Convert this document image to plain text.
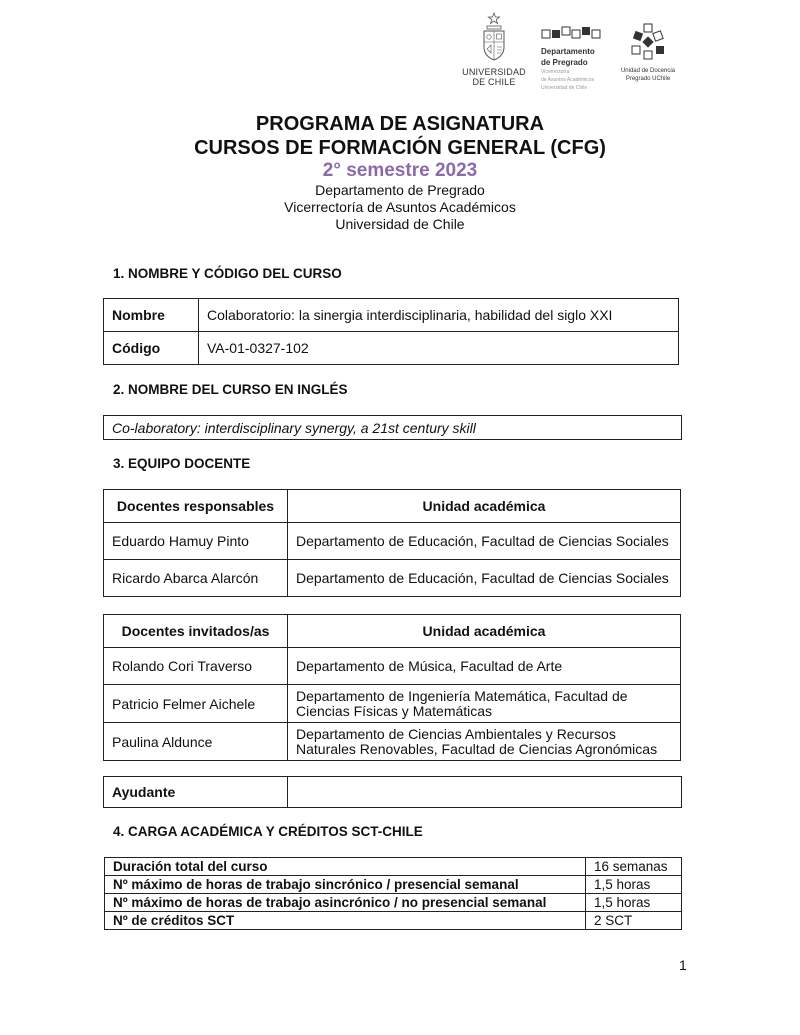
UNIVERSIDAD
DE CHILE
Departamento
de Pregrado
Vicerrectoría
de Asuntos Académicos
Universidad de Chile
Unidad de Docencia
Pregrado UChile
PROGRAMA DE ASIGNATURA
CURSOS DE FORMACIÓN GENERAL (CFG)
2° semestre 2023
Departamento de Pregrado
Vicerrectoría de Asuntos Académicos
Universidad de Chile
1. NOMBRE Y CÓDIGO DEL CURSO
Nombre	Colaboratorio: la sinergia interdisciplinaria, habilidad del siglo XXI
Código	VA-01-0327-102
2. NOMBRE DEL CURSO EN INGLÉS
Co-laboratory: interdisciplinary synergy, a 21st century skill
3. EQUIPO DOCENTE
Docentes responsables	Unidad académica
Eduardo Hamuy Pinto	Departamento de Educación, Facultad de Ciencias Sociales
Ricardo Abarca Alarcón	Departamento de Educación, Facultad de Ciencias Sociales
Docentes invitados/as	Unidad académica
Rolando Cori Traverso	Departamento de Música, Facultad de Arte

Patricio Felmer Aichele	Departamento de Ingeniería Matemática, Facultad de
Ciencias Físicas y Matemáticas

Paulina Aldunce	Departamento de Ciencias Ambientales y Recursos
Naturales Renovables, Facultad de Ciencias Agronómicas
Ayudante	
4. CARGA ACADÉMICA Y CRÉDITOS SCT-CHILE
Duración total del curso	16 semanas
Nº máximo de horas de trabajo sincrónico / presencial semanal	1,5 horas
Nº máximo de horas de trabajo asincrónico / no presencial semanal	1,5 horas
Nº de créditos SCT	2 SCT
1
